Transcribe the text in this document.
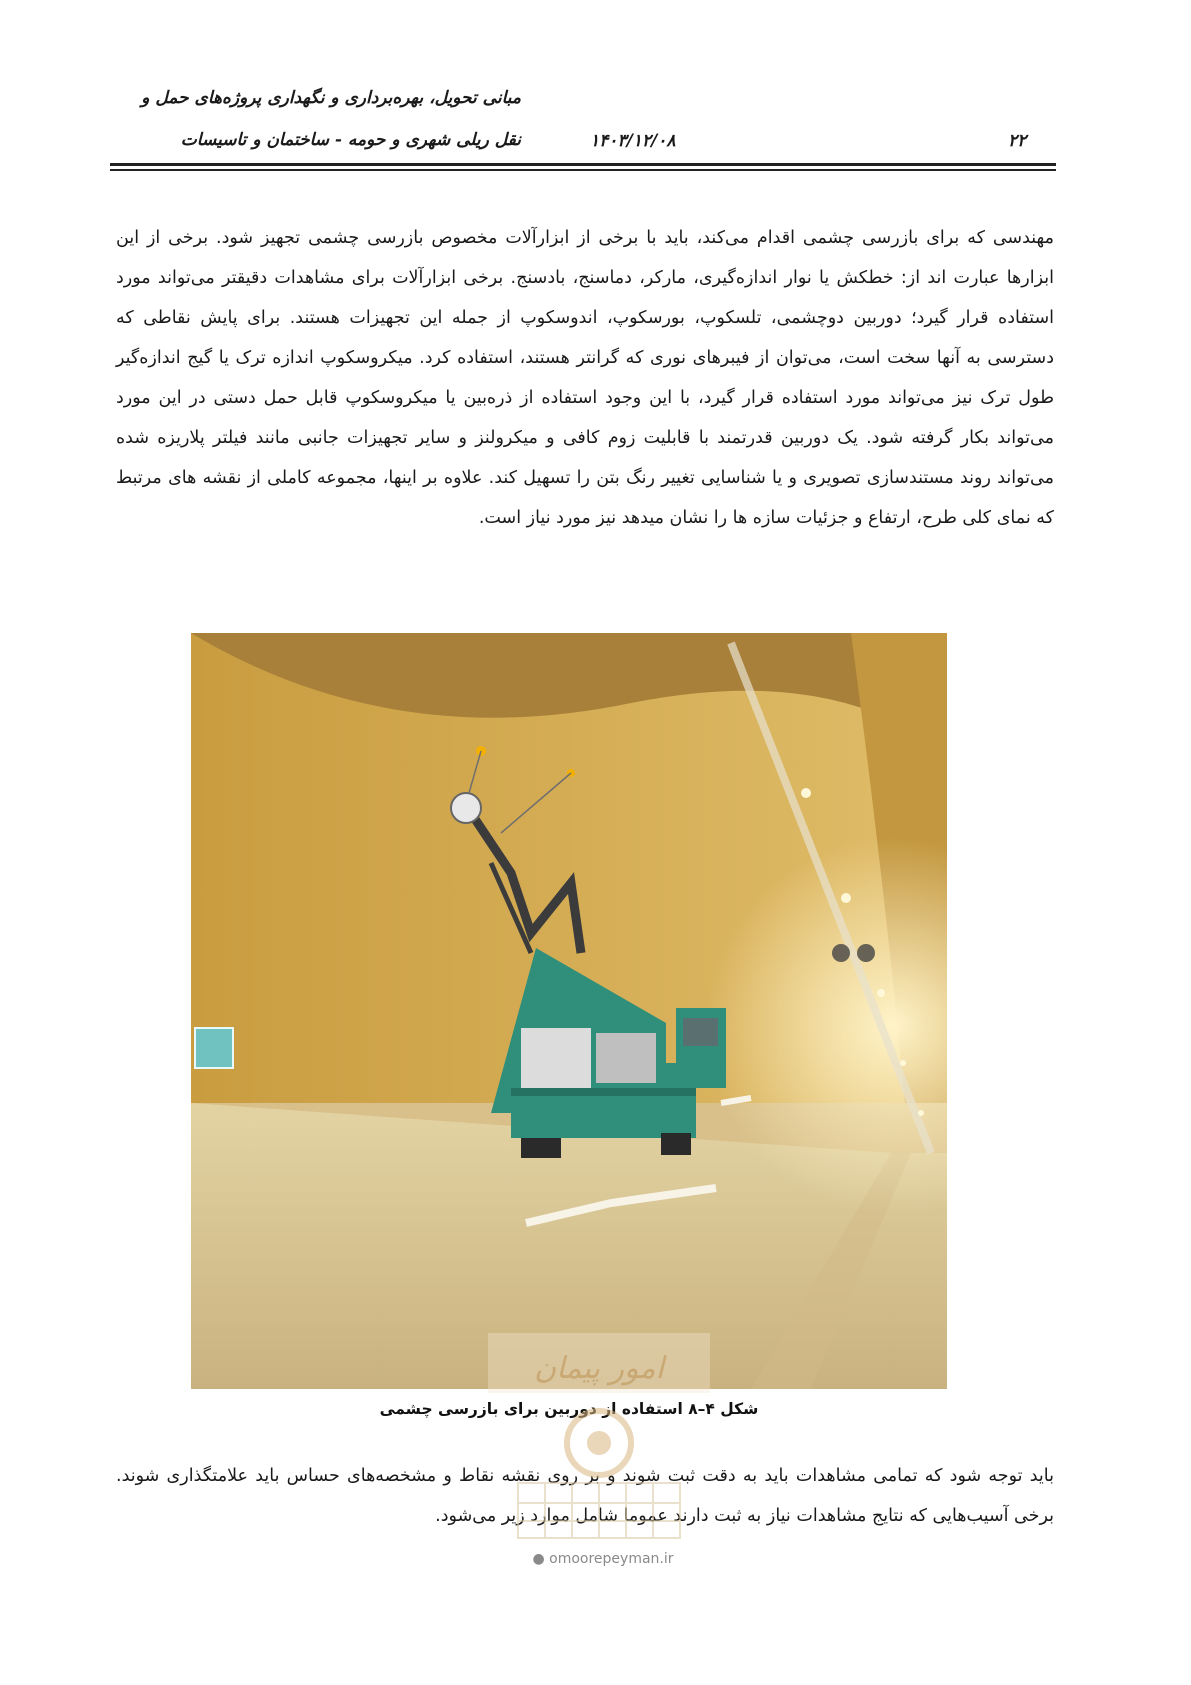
مبانی تحویل، بهره‌برداری و نگهداری پروژه‌های حمل و
نقل ریلی شهری و حومه - ساختمان و تاسیسات	۱۴۰۳/۱۲/۰۸	۲۲
مهندسی که برای بازرسی چشمی اقدام می‌کند، باید با برخی از ابزارآلات مخصوص بازرسی چشمی تجهیز شود. برخی از این ابزارها عبارت اند از: خطکش یا نوار اندازه‌گیری، مارکر، دماسنج، بادسنج. برخی ابزارآلات برای مشاهدات دقیقتر می‌تواند مورد استفاده قرار گیرد؛ دوربین دوچشمی، تلسکوپ، بورسکوپ، اندوسکوپ از جمله این تجهیزات هستند. برای پایش نقاطی که دسترسی به آنها سخت است، می‌توان از فیبرهای نوری که گرانتر هستند، استفاده کرد. میکروسکوپ اندازه ترک یا گیج اندازه‌گیر طول ترک نیز می‌تواند مورد استفاده قرار گیرد، با این وجود استفاده از ذره‌بین یا میکروسکوپ قابل حمل دستی در این مورد می‌تواند بکار گرفته شود. یک دوربین قدرتمند با قابلیت زوم کافی و میکرولنز و سایر تجهیزات جانبی مانند فیلتر پلاریزه شده می‌تواند روند مستندسازی تصویری و یا شناسایی تغییر رنگ بتن را تسهیل کند. علاوه بر اینها، مجموعه کاملی از نقشه های مرتبط که نمای کلی طرح، ارتفاع و جزئیات سازه ها را نشان میدهد نیز مورد نیاز است.
شکل ۴–۸ استفاده از دوربین برای بازرسی چشمی
باید توجه شود که تمامی مشاهدات باید به دقت ثبت شوند و بر روی نقشه نقاط و مشخصه‌های حساس باید علامتگذاری شوند. برخی آسیب‌هایی که نتایج مشاهدات نیاز به ثبت دارند عموما شامل موارد زیر می‌شود.
امور پیمان
● omoorepeyman.ir
